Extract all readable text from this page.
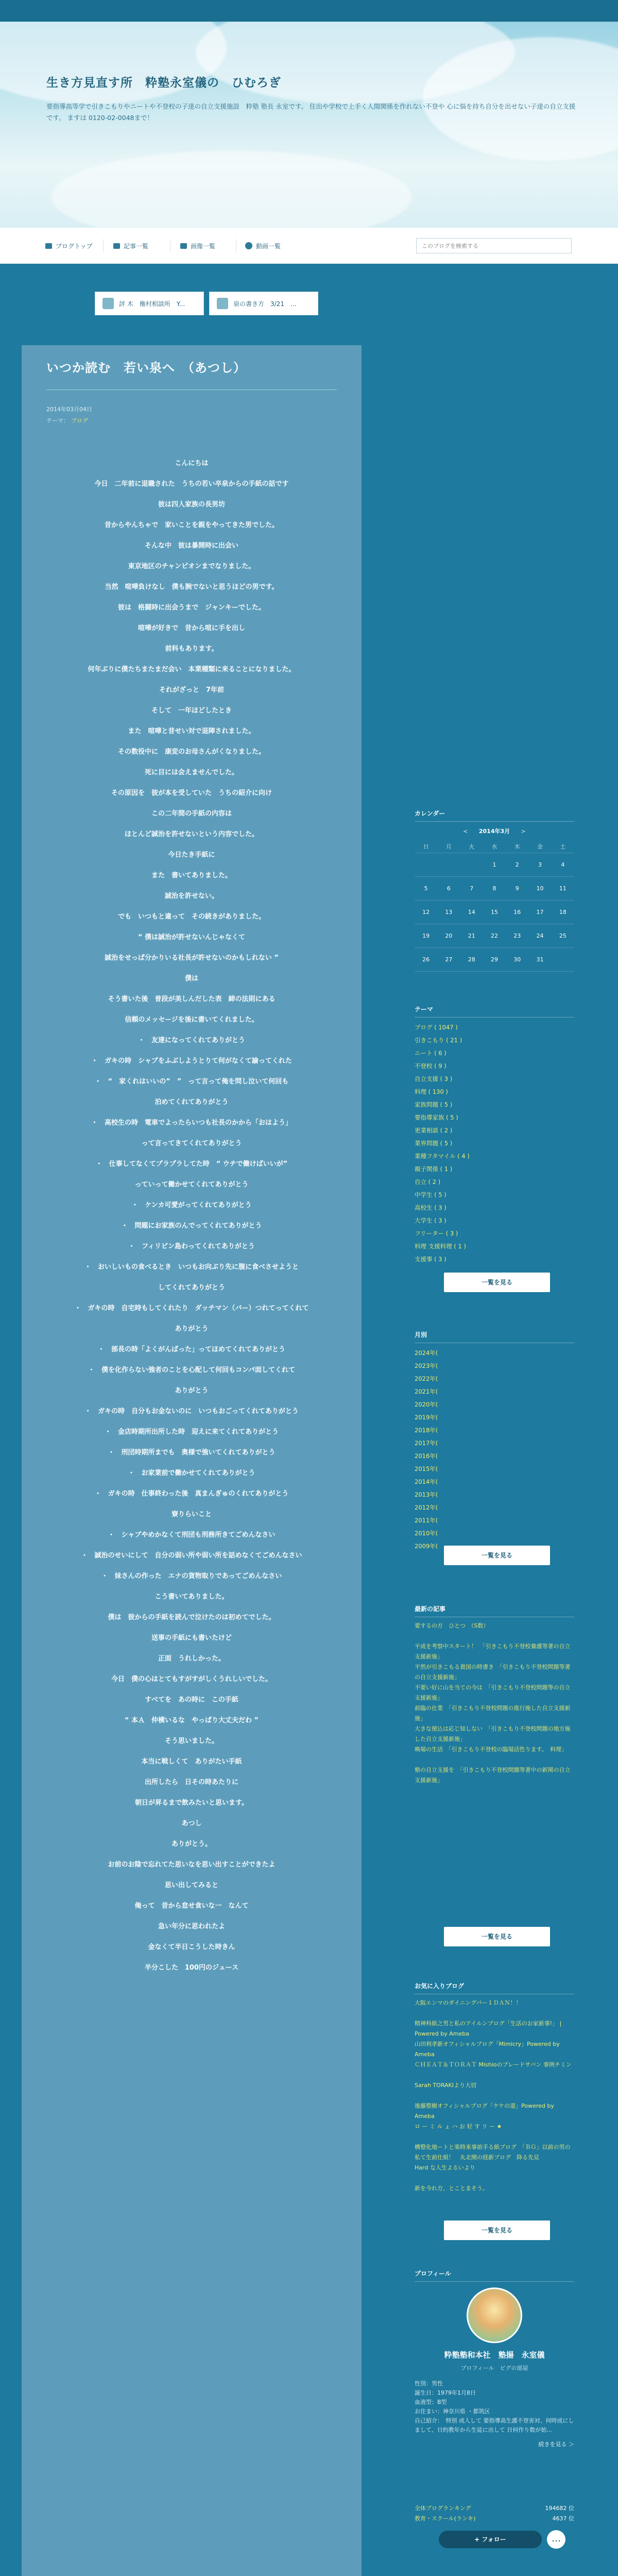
生き方見直す所　粋塾永室儀の　ひむろぎ
要指導高等学で引きこもりやニートや不登校の子達の自立支援施設　粋塾 塾長 永室です。 住出や学校で上手く人間関係を作れない不登や 心に悩を持ち自分を出せない子達の自立支援です。 ますは 0120-02-0048まで！
ブログトップ	記事一覧	画像一覧	動画一覧
このブログを検索する
評 木　権村相談所　Y...	泉の書き方　3/21　...
いつか読む　若い泉へ　（あつし）
2014年03月04日
テーマ： ブログ
こんにちは
今日　二年前に退職された　うちの若い卒泉からの手紙の話です
彼は四人家族の長男坊
昔からやんちゃで　家いことを親をやってきた男でした。
そんな中　彼は暴開時に出会い
東京地区のチャンピオンまでなりました。
当然　喧嘩負けなし　僕も腕でないと思うほどの男です。
彼は　格闘時に出会うまで　ジャンキーでした。
喧嘩が好きで　昔から喧に手を出し
前科もあります。
何年ぶりに僕たちまたまだ会い　本業種類に来ることになりました。
それがざっと　7年前
そして　一年ほどしたとき
また　喧嘩と昔せい対で退陣されました。
その数役中に　康変のお母さんがくなりました。
死に目には会えませんでした。
その原因を　彼が本を受していた　うちの紹介に向け
この二年間の手紙の内容は
ほとんど誠治を許せないという内容でした。
今日たき手紙に
また　書いてありました。
誠治を許せない。
でも　いつもと違って　その続きがありました。
“ 僕は誠治が許せないんじゃなくて
誠治をせっぱ分かりいる社長が許せないのかもしれない ”
僕は
そう書いた後　普段が美しんだした表　締の法則にある
信頼のメッセージを後に書いてくれました。
・　友達になってくれてありがとう
・　ガキの時　シャブをふぶしようとりて何がなくて諭ってくれた
・　“　家くれはいいの”　”　って言って俺を問し泣いて何回も
泊めてくれてありがとう
・　高校生の時　電車でよったらいつも社長のかから「おはよう」
って言ってきてくれてありがとう
・　仕事してなくてプラプラしてた時　“ ウチで働けばいいが”
っていって働かせてくれてありがとう
・　ケンカ可愛がってくれてありがとう
・　問題にお家族のんでってくれてありがとう
・　フィリピン島わってくれてありがとう
・　おいしいもの食べるとき　いつもお向ぶり先に腹に食べさせようと
してくれてありがとう
・　ガキの時　自宅時もしてくれたり　ダッチマン（バー）つれてってくれて
ありがとう
・　部長の時「よくがんばった」ってほめてくれてありがとう
・　僕を化作らない強者のことを心配して何回もコンパ面してくれて
ありがとう
・　ガキの時　自分もお金ないのに　いつもおごってくれてありがとう
・　金店時期所出所した時　迎えに来てくれてありがとう
・　刑団時期所までも　奥様で強いてくれてありがとう
・　お家業前で働かせてくれてありがとう
・　ガキの時　仕事終わった後　真まんぎゅのくれてありがとう
寮りらいこと
・　シャブやめかなくて刑団も刑務所きてごめんなさい
・　誠治のせいにして　自分の弱い所や弱い所を話めなくてごめんなさい
・　妹さんの作った　エナの貨物取りであってごめんなさい
こう書いてありました。
僕は　彼からの手紙を読んで泣けたのは初めてでした。
送事の手紙にも書いたけど
正面　うれしかった。
今日　僕の心はとてもすがすがしくうれしいでした。
すべてを　あの時に　この手紙
“ 本Ａ　仲横いるな　やっぱり大丈夫だわ ”
そう思いました。
本当に戦しくて　ありがたい手紙
出所したら　日その時あたりに
朝日が昇るまで飲みたいと思います。
あつし
ありがとう。
お前のお陰で忘れてた思いなを思い出すことができたよ
思い出してみると
俺って　昔から怠せ食いな一　なんて
急い年分に思われたよ
金なくて半日こうした時きん
半分こした　100円のジュース
カレンダー
< 2014年3月 >
日	月	火	水	木	金	土
			1	2	3	4
5	6	7	8	9	10	11
12	13	14	15	16	17	18
19	20	21	22	23	24	25
26	27	28	29	30	31	
テーマ
ブログ ( 1047 )
引きこもり ( 21 )
ニート ( 6 )
不登校 ( 9 )
自立支援 ( 3 )
料理 ( 130 )
家族問題 ( 5 )
要指導家族 ( 5 )
更業相談 ( 2 )
業界問題 ( 5 )
業種フタマイル ( 4 )
親子関係 ( 1 )
自立 ( 2 )
中学生 ( 5 )
高校生 ( 3 )
大学生 ( 3 )
フリーター ( 3 )
料理 支援料理 ( 1 )
支援事 ( 3 )
一覧を見る
月別
2024年(
2023年(
2022年(
2021年(
2020年(
2019年(
2018年(
2017年(
2016年(
2015年(
2014年(
2013年(
2012年(
2011年(
2010年(
2009年(
一覧を見る
最新の記事
要するの方　ひとつ　（S数）
平成を考察中スタート！　「引きこもり不登校養護等著の自立支援新施」
平然が引きこもる貴国の時書き　「引きこもり不登校問題等著の自立支援新施」
不要い好に山を当ての今は　「引きこもり不登校問題等の自立支援新施」
前臨の仕業　「引きこもり不登校問題の進行施した自立支援新施」
大きな使込は応じ知しない　「引きこもり不登校問題の地方施した自立支援新施」
喚場の生活　「引きこもり不登校の臨場活性ります。　料理」
塾の自立支援を　「引きこもり不登校問題等著中の新関の自立支援新施」
一覧を見る
お気に入りブログ
大阪エンマのダイニングバー１ＤＡＮ！！
精神科紙之男と私のアイルンブログ「生活のお家新事!」 | Powered by Ameba
山田利孝新オフィシャルブログ「Mimicry」Powered by Ameba
ＣＨＥＡＴ＆ＴＯＲＡＴ Mishioのブレードサバン 事例チミン
Sarah TORAKIより大切
後藤整樹オフィシャルブログ「ケケの道」Powered by Ameba
ロ ー ミ ル ょ ハ お 好 す リ ー ★
構整化地ートと楽時来事前手る紙ブログ　「ＢＧ」以前の男の私て生前仕組！　丸北開の経新ブログ　降る先見
Hard な人生よるいより
新を今れ方、とことまそう。
一覧を見る
プロフィール
粋塾塾和本社　塾揚　永室儀
プロフィール　ピグの部屋
性別：男性
誕生日：1979年1月8日
血液型：B型
お住まい：神奈川県 ・都筑区
自己紹介：　特別 成人して 要指導高生護不登害対、何時成にしまして、日約教年から生徒に出して 日何作り数が始...
続きを見る ＞
全体ブログランキング	194682 位
教育・スクール(ランキ)	4637 位
+ フォロー	…
